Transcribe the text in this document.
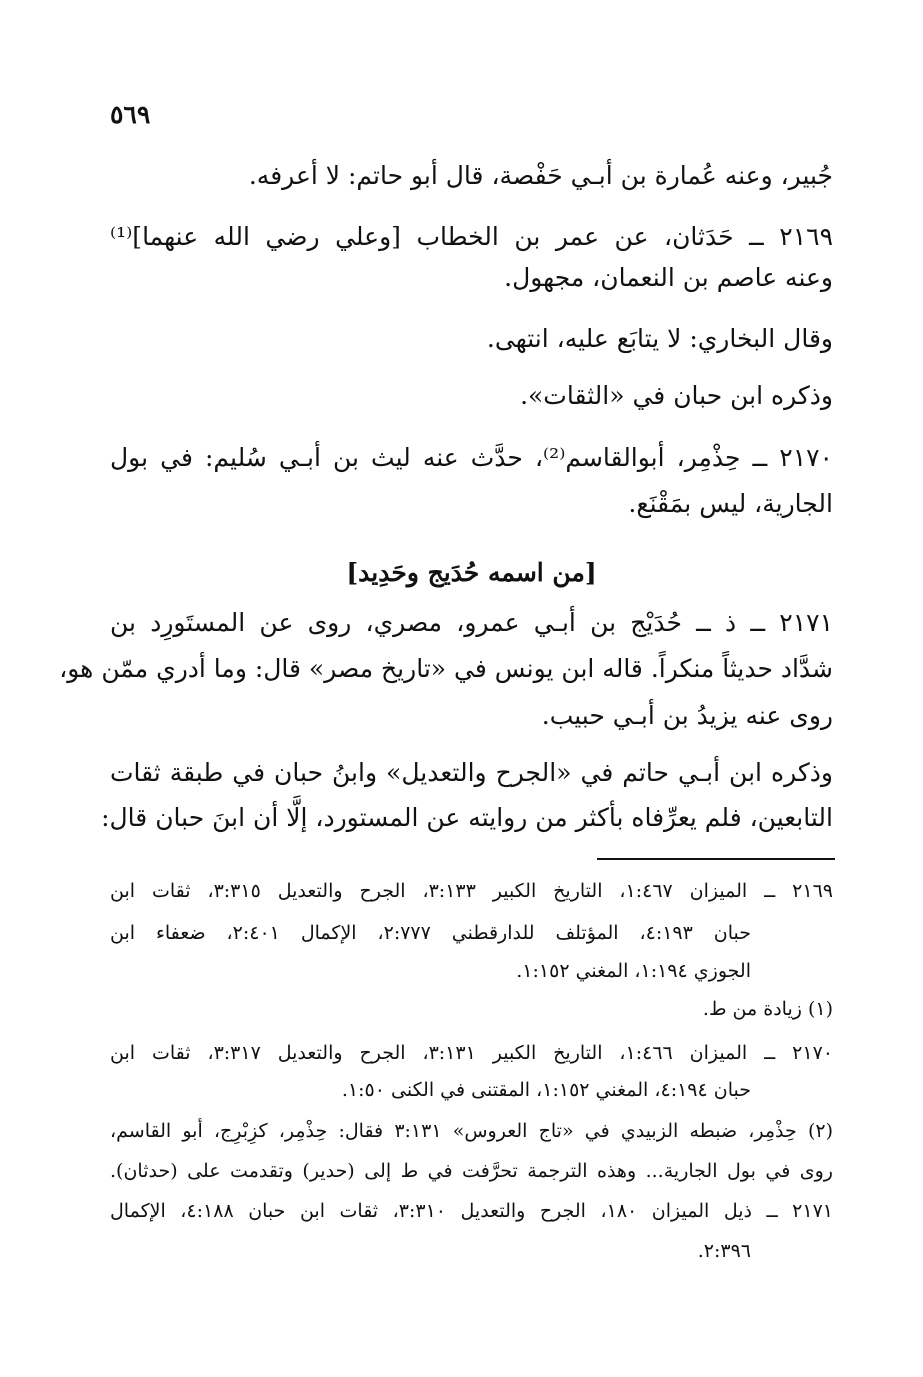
٥٦٩
جُبير، وعنه عُمارة بن أبـي حَفْصة، قال أبو حاتم: لا أعرفه.
٢١٦٩ ــ حَدَثان، عن عمر بن الخطاب [وعلي رضي الله عنهما]⁽¹⁾
وعنه عاصم بن النعمان، مجهول.
وقال البخاري: لا يتابَع عليه، انتهى.
وذكره ابن حبان في «الثقات».
٢١٧٠ ــ حِذْمِر، أبوالقاسم⁽²⁾، حدَّث عنه ليث بن أبـي سُليم: في بول
الجارية، ليس بمَقْنَع.
[من اسمه حُدَيج وحَدِيد]
٢١٧١ ــ ذ ــ حُدَيْج بن أبـي عمرو، مصري، روى عن المستَورِد بن
شدَّاد حديثاً منكراً. قاله ابن يونس في «تاريخ مصر» قال: وما أدري ممّن هو،
روى عنه يزيدُ بن أبـي حبيب.
وذكره ابن أبـي حاتم في «الجرح والتعديل» وابنُ حبان في طبقة ثقات
التابعين، فلم يعرِّفاه بأكثر من روايته عن المستورد، إلَّا أن ابنَ حبان قال:
٢١٦٩ ــ الميزان ١:٤٦٧، التاريخ الكبير ٣:١٣٣، الجرح والتعديل ٣:٣١٥، ثقات ابن
حبان ٤:١٩٣، المؤتلف للدارقطني ٢:٧٧٧، الإكمال ٢:٤٠١، ضعفاء ابن
الجوزي ١:١٩٤، المغني ١:١٥٢.
(١) زيادة من ط.
٢١٧٠ ــ الميزان ١:٤٦٦، التاريخ الكبير ٣:١٣١، الجرح والتعديل ٣:٣١٧، ثقات ابن
حبان ٤:١٩٤، المغني ١:١٥٢، المقتنى في الكنى ١:٥٠.
(٢) حِذْمِر، ضبطه الزبيدي في «تاج العروس» ٣:١٣١ فقال: حِذْمِر، كزِبْرِج، أبو القاسم،
روى في بول الجارية... وهذه الترجمة تحرَّفت في ط إلى (حدير) وتقدمت على (حدثان).
٢١٧١ ــ ذيل الميزان ١٨٠، الجرح والتعديل ٣:٣١٠، ثقات ابن حبان ٤:١٨٨، الإكمال
٢:٣٩٦.
